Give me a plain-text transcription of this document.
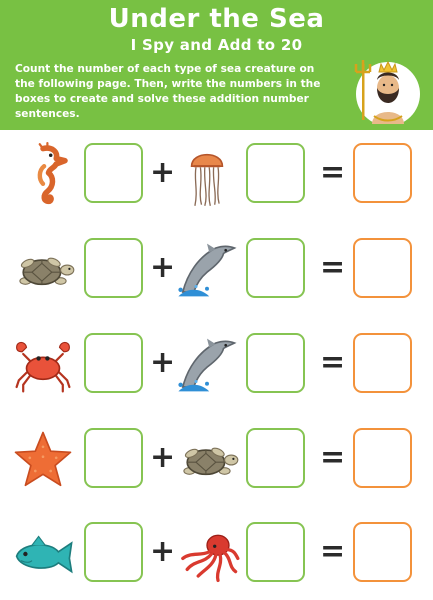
Under the Sea
I Spy and Add to 20
Count the number of each type of sea creature on the following page. Then, write the numbers in the boxes to create and solve these addition number sentences.
+	=
+	=
+	=
+	=
+	=
